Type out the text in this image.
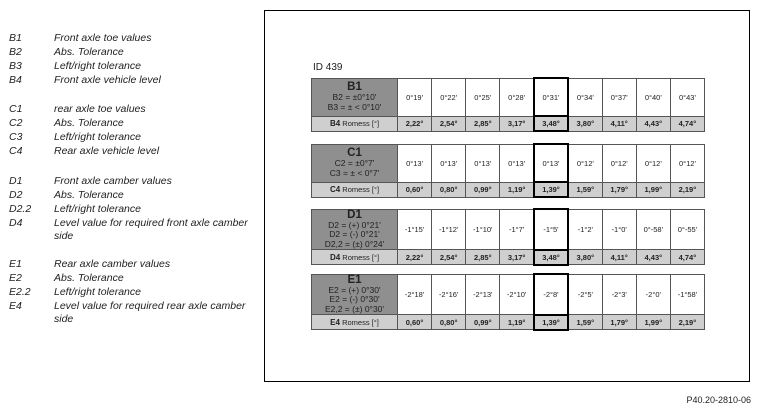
B1	Front axle toe values
B2	Abs. Tolerance
B3	Left/right tolerance
B4	Front axle vehicle level
C1	rear axle toe values
C2	Abs. Tolerance
C3	Left/right tolerance
C4	Rear axle vehicle level
D1	Front axle camber values
D2	Abs. Tolerance
D2.2 Left/right tolerance
D4	Level value for required front axle camber side
E1	Rear axle camber values
E2	Abs. Tolerance
E2.2 Left/right tolerance
E4	Level value for required rear axle camber side
ID 439
B1
B2 = ±0°10'
B3 = ± < 0°10'	0°19'	0°22'	0°25'	0°28'	0°31'	0°34'	0°37'	0°40'	0°43'
B4 Romess [°]	2,22°	2,54°	2,85°	3,17°	3,48°	3,80°	4,11°	4,43°	4,74°
C1
C2 = ±0°7'
C3 = ± < 0°7'	0°13'	0°13'	0°13'	0°13'	0°13'	0°12'	0°12'	0°12'	0°12'
C4 Romess [°]	0,60°	0,80°	0,99°	1,19°	1,39°	1,59°	1,79°	1,99°	2,19°
D1
D2 = (+) 0°21'
D2 = (-) 0°21'
D2,2 = (±) 0°24'	-1°15'	-1°12'	-1°10'	-1°7'	-1°5'	-1°2'	-1°0'	0°-58'	0°-55'
D4 Romess [°]	2,22°	2,54°	2,85°	3,17°	3,48°	3,80°	4,11°	4,43°	4,74°
E1
E2 = (+) 0°30'
E2 = (-) 0°30'
E2,2 = (±) 0°30'	-2°18'	-2°16'	-2°13'	-2°10'	-2°8'	-2°5'	-2°3'	-2°0'	-1°58'
E4 Romess [°]	0,60°	0,80°	0,99°	1,19°	1,39°	1,59°	1,79°	1,99°	2,19°
P40.20-2810-06
